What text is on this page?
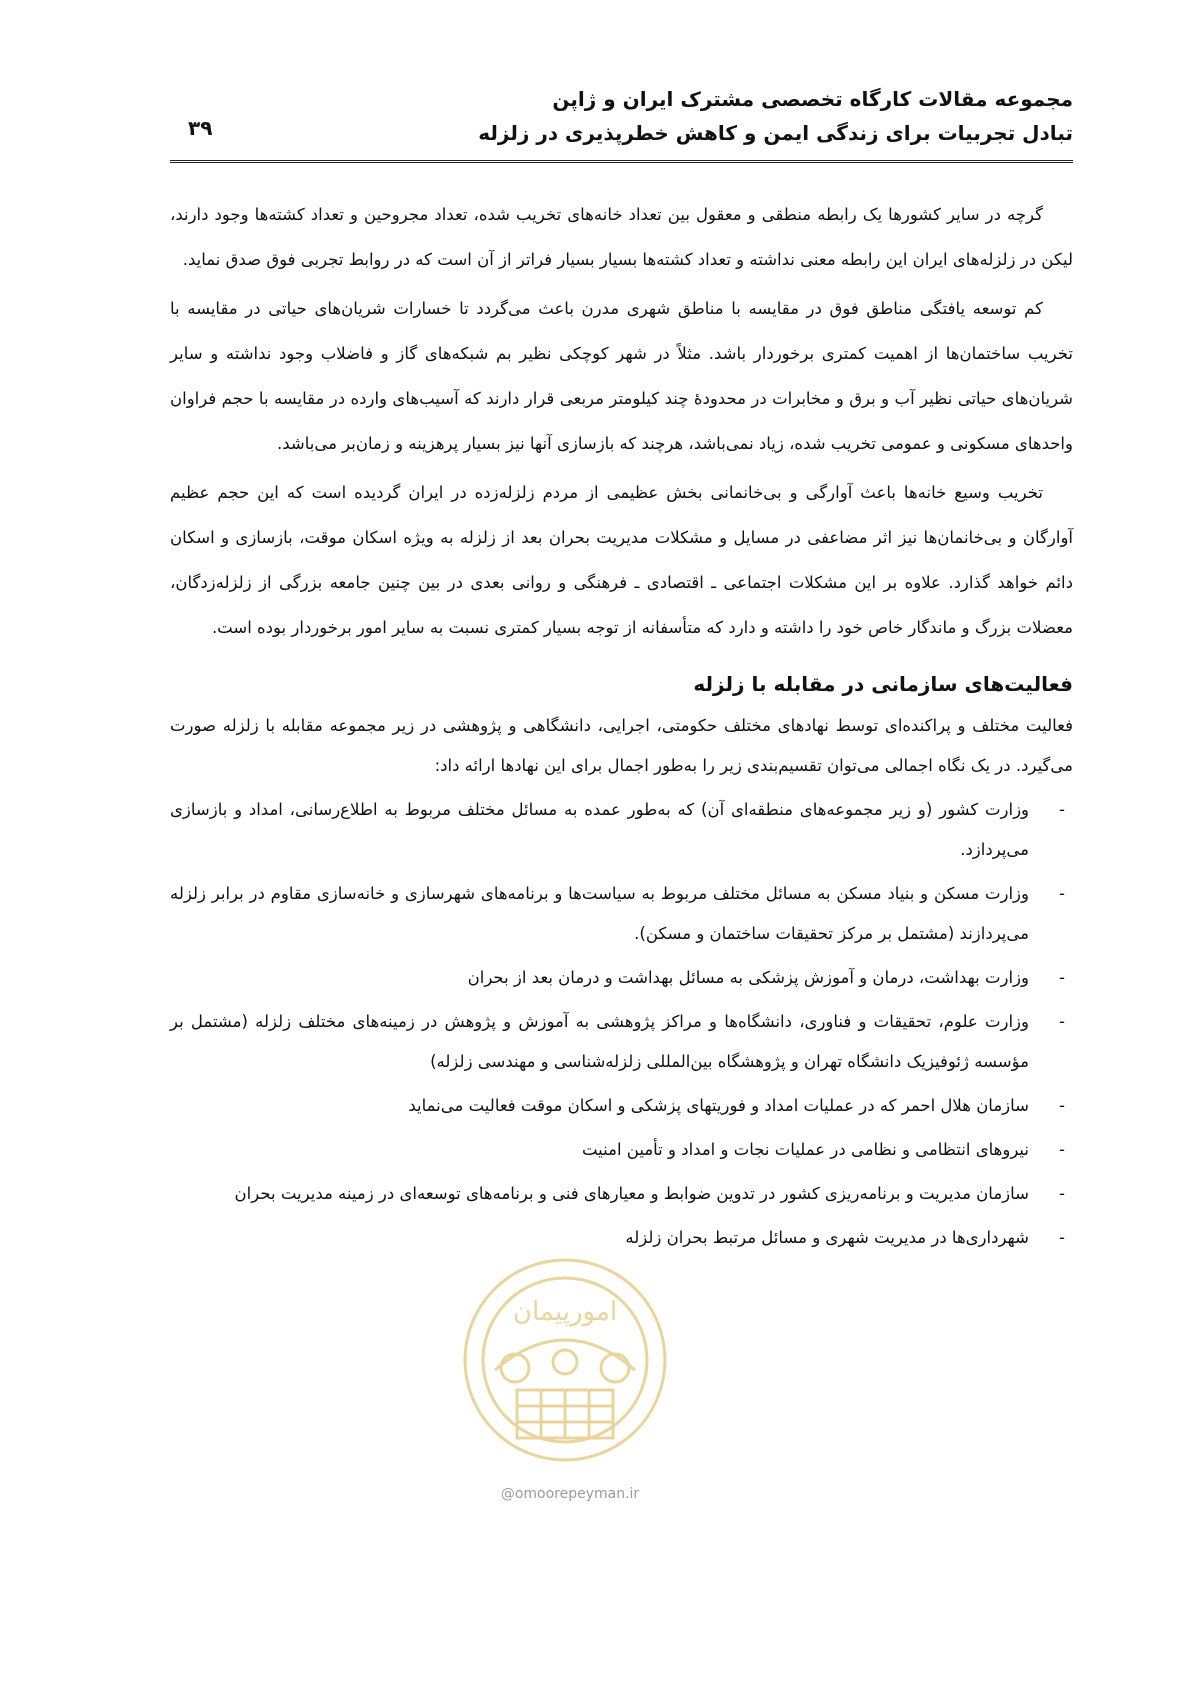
مجموعه مقالات کارگاه تخصصی مشترک ایران و ژاپن
تبادل تجربیات برای زندگی ایمن و کاهش خطرپذیری در زلزله
۳۹

گرچه در سایر کشورها یک رابطه منطقی و معقول بین تعداد خانه‌های تخریب شده، تعداد مجروحین و تعداد کشته‌ها وجود دارند، لیکن در زلزله‌های ایران این رابطه معنی نداشته و تعداد کشته‌ها بسیار بسیار فراتر از آن است که در روابط تجربی فوق صدق نماید.

کم توسعه یافتگی مناطق فوق در مقایسه با مناطق شهری مدرن باعث می‌گردد تا خسارات شریان‌های حیاتی در مقایسه با تخریب ساختمان‌ها از اهمیت کمتری برخوردار باشد. مثلاً در شهر کوچکی نظیر بم شبکه‌های گاز و فاضلاب وجود نداشته و سایر شریان‌های حیاتی نظیر آب و برق و مخابرات در محدودهٔ چند کیلومتر مربعی قرار دارند که آسیب‌های وارده در مقایسه با حجم فراوان واحدهای مسکونی و عمومی تخریب شده، زیاد نمی‌باشد، هرچند که بازسازی آنها نیز بسیار پرهزینه و زمان‌بر می‌باشد.

تخریب وسیع خانه‌ها باعث آوارگی و بی‌خانمانی بخش عظیمی از مردم زلزله‌زده در ایران گردیده است که این حجم عظیم آوارگان و بی‌خانمان‌ها نیز اثر مضاعفی در مسایل و مشکلات مدیریت بحران بعد از زلزله به ویژه اسکان موقت، بازسازی و اسکان دائم خواهد گذارد. علاوه بر این مشکلات اجتماعی ـ اقتصادی ـ فرهنگی و روانی بعدی در بین چنین جامعه بزرگی از زلزله‌زدگان، معضلات بزرگ و ماندگار خاص خود را داشته و دارد که متأسفانه از توجه بسیار کمتری نسبت به سایر امور برخوردار بوده است.

فعالیت‌های سازمانی در مقابله با زلزله

فعالیت مختلف و پراکنده‌ای توسط نهادهای مختلف حکومتی، اجرایی، دانشگاهی و پژوهشی در زیر مجموعه مقابله با زلزله صورت می‌گیرد. در یک نگاه اجمالی می‌توان تقسیم‌بندی زیر را به‌طور اجمال برای این نهادها ارائه داد:

-
وزارت کشور (و زیر مجموعه‌های منطقه‌ای آن) که به‌طور عمده به مسائل مختلف مربوط به اطلاع‌رسانی، امداد و بازسازی می‌پردازد.
-
وزارت مسکن و بنیاد مسکن به مسائل مختلف مربوط به سیاست‌ها و برنامه‌های شهرسازی و خانه‌سازی مقاوم در برابر زلزله می‌پردازند (مشتمل بر مرکز تحقیقات ساختمان و مسکن).
-
وزارت بهداشت، درمان و آموزش پزشکی به مسائل بهداشت و درمان بعد از بحران
-
وزارت علوم، تحقیقات و فناوری، دانشگاه‌ها و مراکز پژوهشی به آموزش و پژوهش در زمینه‌های مختلف زلزله (مشتمل بر مؤسسه ژئوفیزیک دانشگاه تهران و پژوهشگاه بین‌المللی زلزله‌شناسی و مهندسی زلزله)
-
سازمان هلال احمر که در عملیات امداد و فوریتهای پزشکی و اسکان موقت فعالیت می‌نماید
-
نیروهای انتظامی و نظامی در عملیات نجات و امداد و تأمین امنیت
-
سازمان مدیریت و برنامه‌ریزی کشور در تدوین ضوابط و معیارهای فنی و برنامه‌های توسعه‌ای در زمینه مدیریت بحران
-
شهرداری‌ها در مدیریت شهری و مسائل مرتبط بحران زلزله
امورپیمان
@omoorepeyman.ir
